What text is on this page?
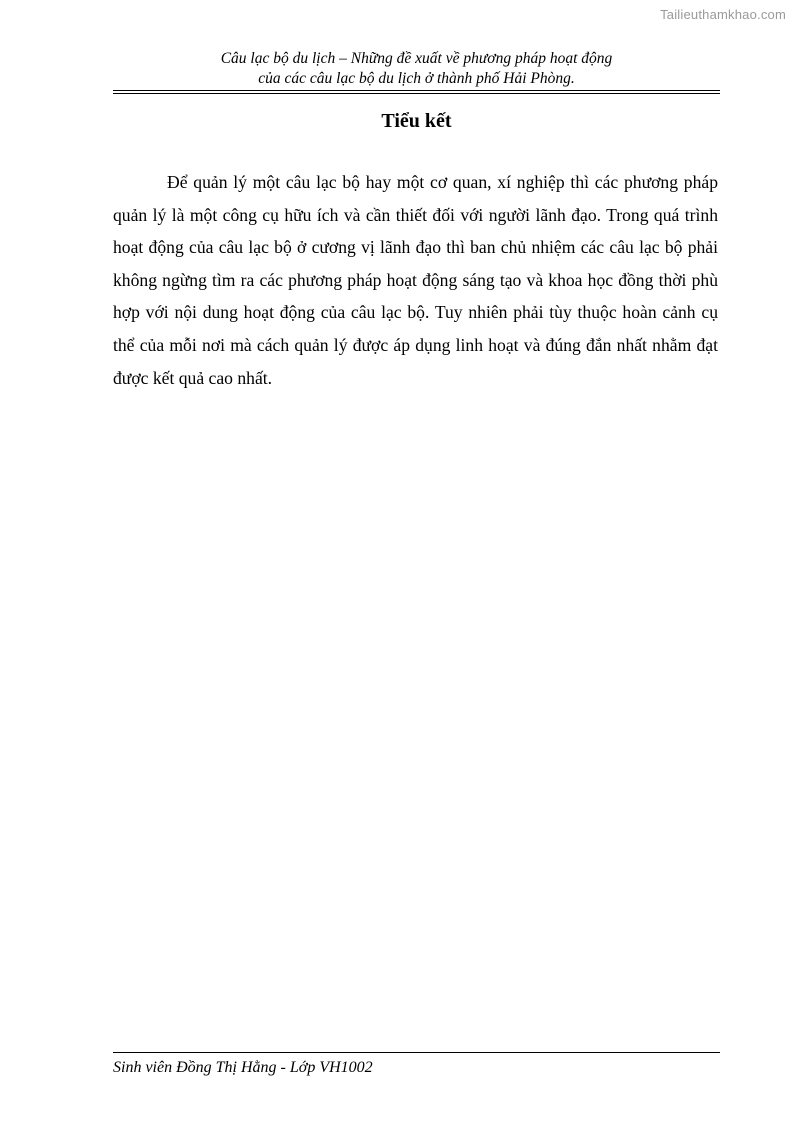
Tailieuthamkhao.com
Câu lạc bộ du lịch – Những đề xuất về phương pháp hoạt động
của các câu lạc bộ du lịch ở thành phố Hải Phòng.
Tiểu kết

Để quản lý một câu lạc bộ hay một cơ quan, xí nghiệp thì các phương pháp quản lý là một công cụ hữu ích và cần thiết đối với người lãnh đạo. Trong quá trình hoạt động của câu lạc bộ ở cương vị lãnh đạo thì ban chủ nhiệm các câu lạc bộ phải không ngừng tìm ra các phương pháp hoạt động sáng tạo và khoa học đồng thời phù hợp với nội dung hoạt động của câu lạc bộ. Tuy nhiên phải tùy thuộc hoàn cảnh cụ thể của mỗi nơi mà cách quản lý được áp dụng linh hoạt và đúng đắn nhất nhằm đạt được kết quả cao nhất.

Sinh viên Đồng Thị Hằng - Lớp VH1002
